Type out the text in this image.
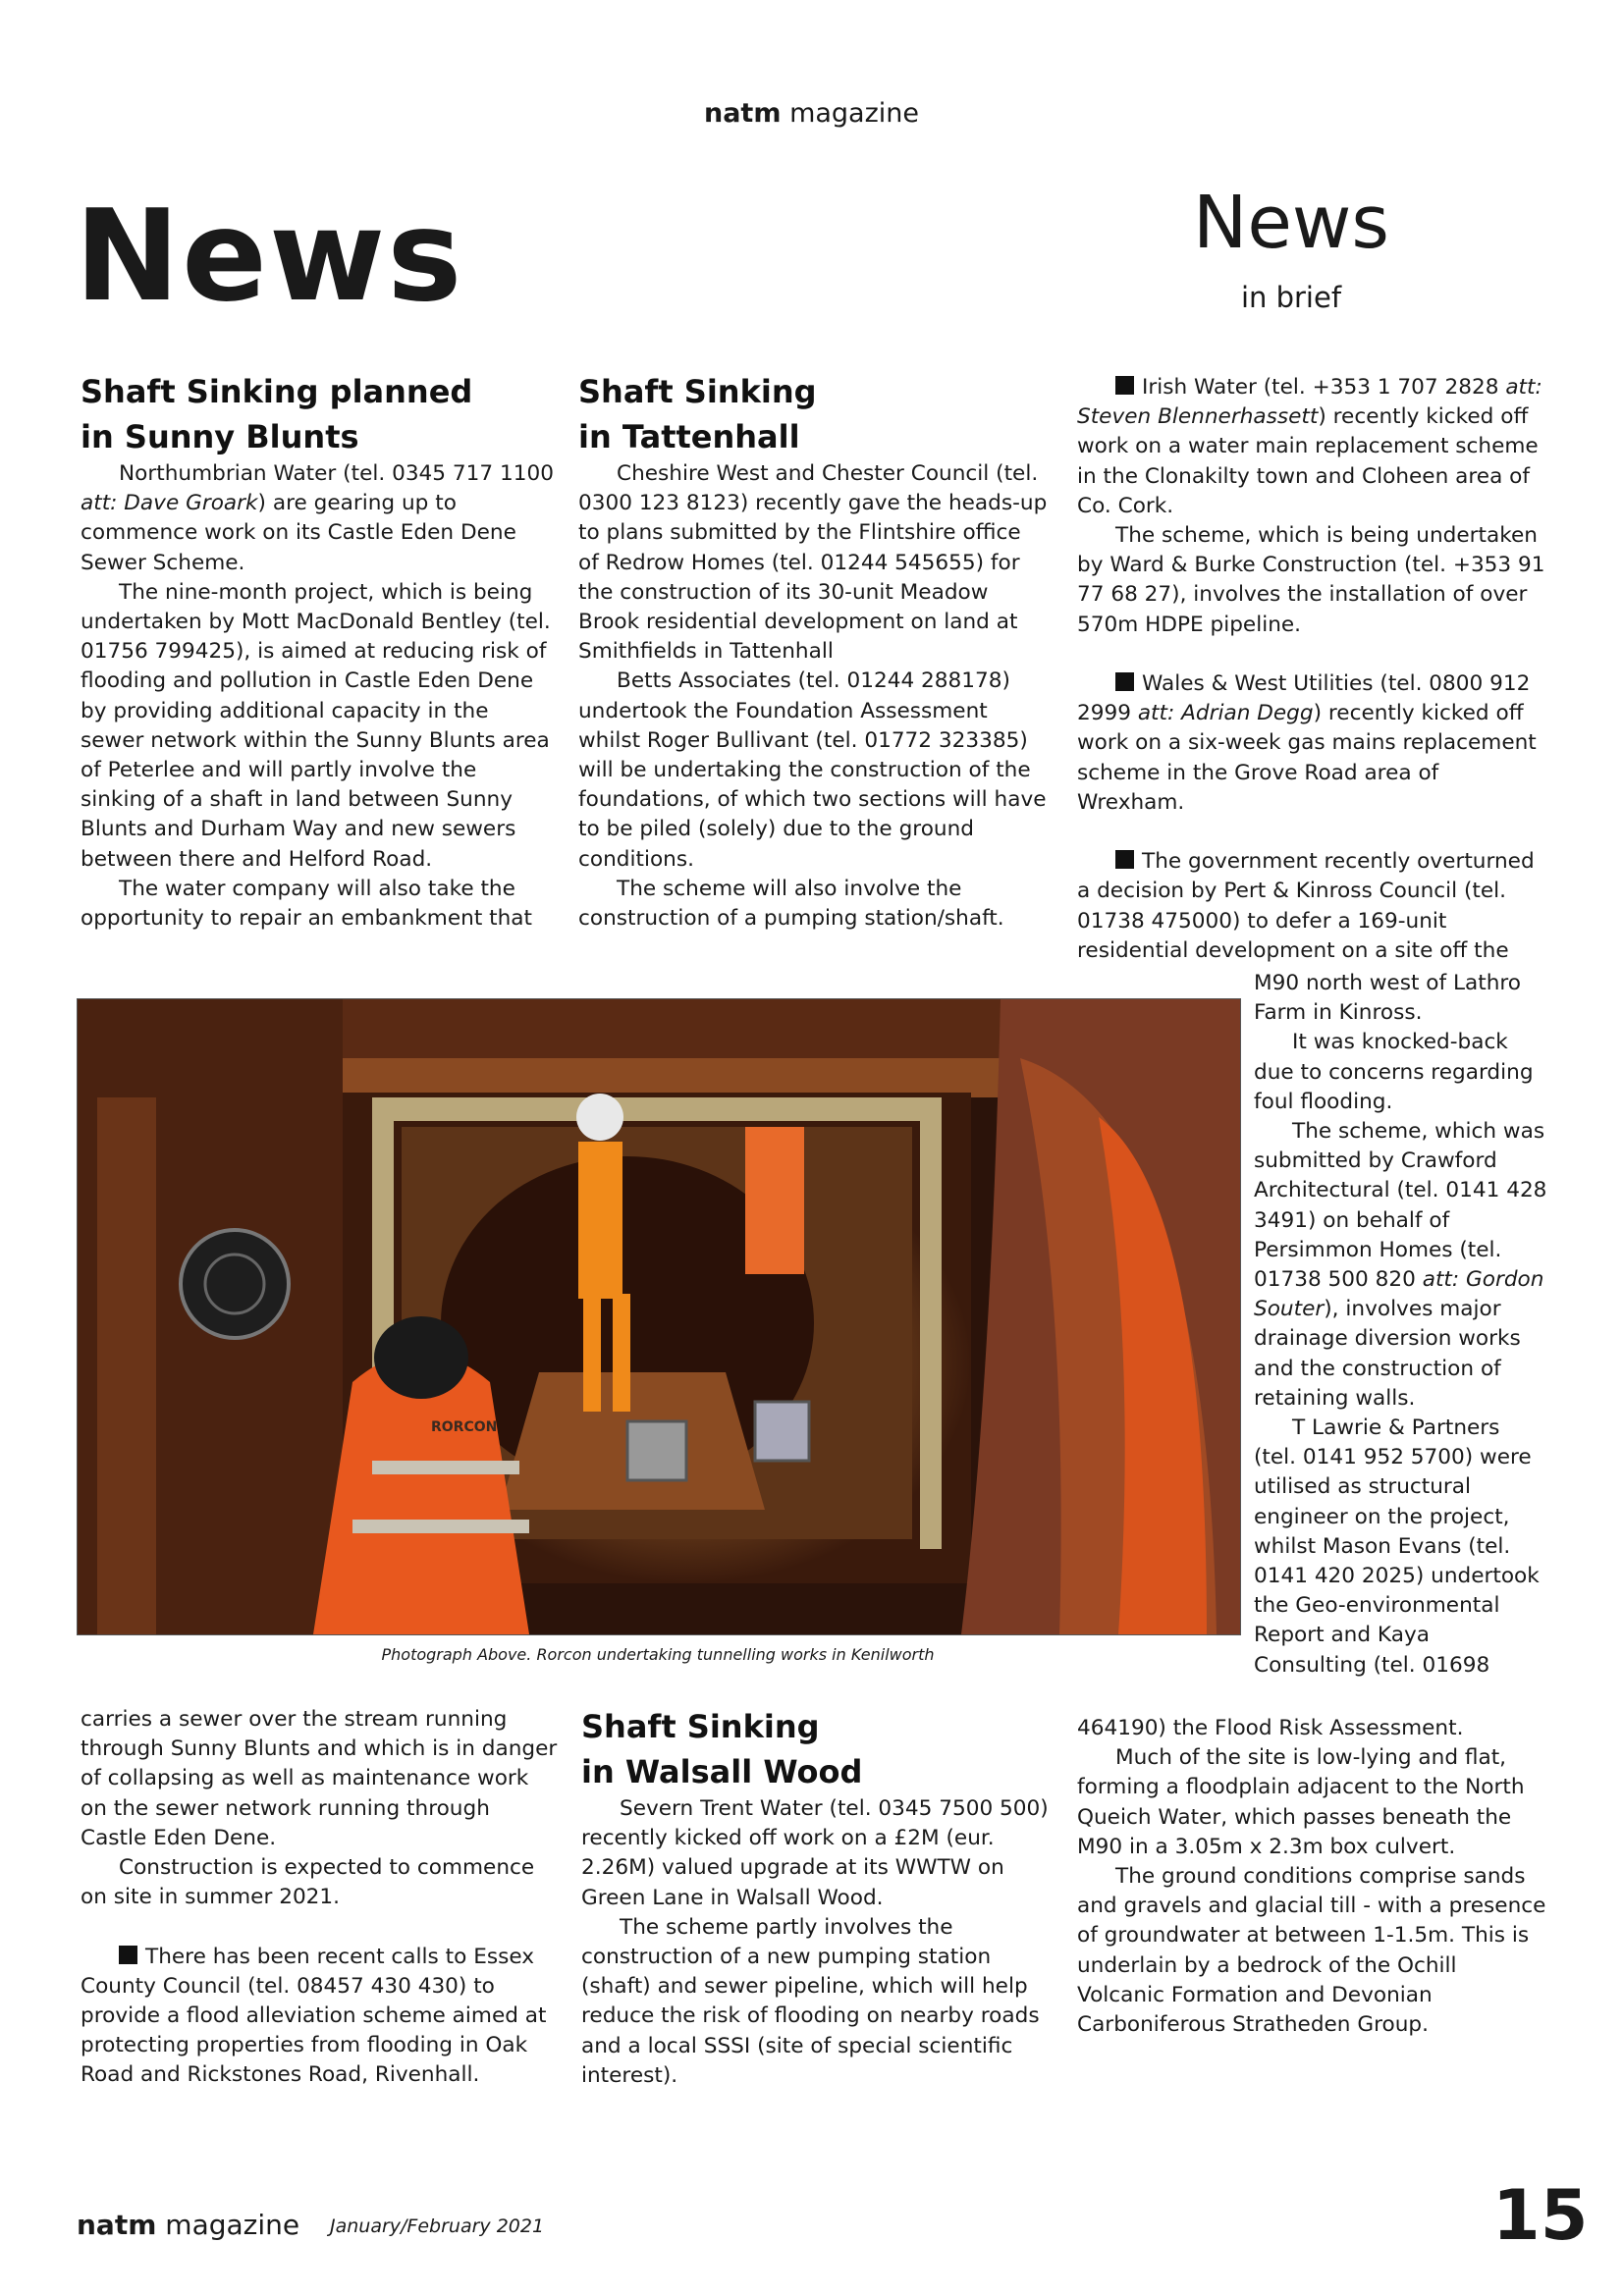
natm magazine
News	News
in brief
Shaft Sinking planned
in Sunny Blunts

Northumbrian Water (tel. 0345 717 1100 att: Dave Groark) are gearing up to commence work on its Castle Eden Dene Sewer Scheme.

The nine-month project, which is being undertaken by Mott MacDonald Bentley (tel. 01756 799425), is aimed at reducing risk of flooding and pollution in Castle Eden Dene by providing additional capacity in the sewer network within the Sunny Blunts area of Peterlee and will partly involve the sinking of a shaft in land between Sunny Blunts and Durham Way and new sewers between there and Helford Road.

The water company will also take the opportunity to repair an embankment that

Shaft Sinking
in Tattenhall

Cheshire West and Chester Council (tel. 0300 123 8123) recently gave the heads-up to plans submitted by the Flintshire office of Redrow Homes (tel. 01244 545655) for the construction of its 30-unit Meadow Brook residential development on land at Smithfields in Tattenhall

Betts Associates (tel. 01244 288178) undertook the Foundation Assessment whilst Roger Bullivant (tel. 01772 323385) will be undertaking the construction of the foundations, of which two sections will have to be piled (solely) due to the ground conditions.

The scheme will also involve the construction of a pumping station/shaft.

Irish Water (tel. +353 1 707 2828 att: Steven Blennerhassett) recently kicked off work on a water main replacement scheme in the Clonakilty town and Cloheen area of Co. Cork.

The scheme, which is being undertaken by Ward & Burke Construction (tel. +353 91 77 68 27), involves the installation of over 570m HDPE pipeline.

Wales & West Utilities (tel. 0800 912 2999 att: Adrian Degg) recently kicked off work on a six-week gas mains replacement scheme in the Grove Road area of Wrexham.

The government recently overturned a decision by Pert & Kinross Council (tel. 01738 475000) to defer a 169-unit residential development on a site off the

M90 north west of Lathro Farm in Kinross.

It was knocked-back due to concerns regarding foul flooding.

The scheme, which was submitted by Crawford Architectural (tel. 0141 428 3491) on behalf of Persimmon Homes (tel. 01738 500 820 att: Gordon Souter), involves major drainage diversion works and the construction of retaining walls.

T Lawrie & Partners (tel. 0141 952 5700) were utilised as structural engineer on the project, whilst Mason Evans (tel. 0141 420 2025) undertook the Geo-environmental Report and Kaya Consulting (tel. 01698

464190) the Flood Risk Assessment.

Much of the site is low-lying and flat, forming a floodplain adjacent to the North Queich Water, which passes beneath the M90 in a 3.05m x 2.3m box culvert.

The ground conditions comprise sands and gravels and glacial till - with a presence of groundwater at between 1-1.5m. This is underlain by a bedrock of the Ochill Volcanic Formation and Devonian Carboniferous Stratheden Group.

RORCON
Photograph Above. Rorcon undertaking tunnelling works in Kenilworth

carries a sewer over the stream running through Sunny Blunts and which is in danger of collapsing as well as maintenance work on the sewer network running through Castle Eden Dene.

Construction is expected to commence on site in summer 2021.

There has been recent calls to Essex County Council (tel. 08457 430 430) to provide a flood alleviation scheme aimed at protecting properties from flooding in Oak Road and Rickstones Road, Rivenhall.

Shaft Sinking
in Walsall Wood

Severn Trent Water (tel. 0345 7500 500) recently kicked off work on a £2M (eur. 2.26M) valued upgrade at its WWTW on Green Lane in Walsall Wood.

The scheme partly involves the construction of a new pumping station (shaft) and sewer pipeline, which will help reduce the risk of flooding on nearby roads and a local SSSI (site of special scientific interest).

natm magazine January/February 2021	15
